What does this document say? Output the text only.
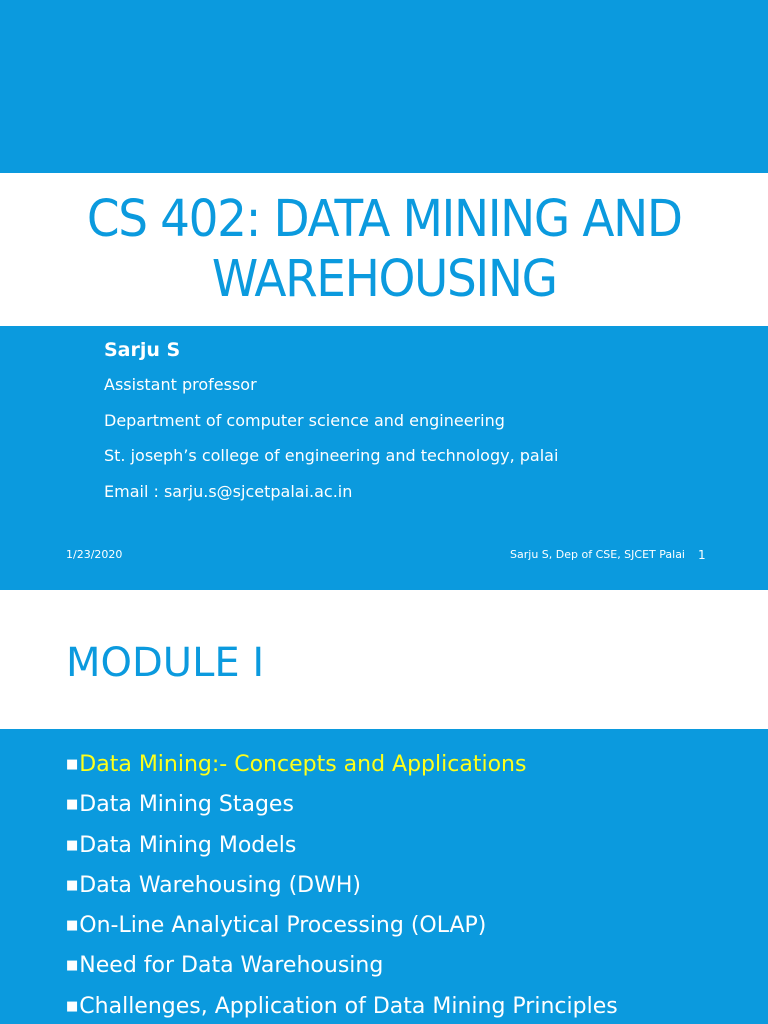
CS 402: DATA MINING AND
WAREHOUSING
Sarju S
Assistant professor
Department of computer science and engineering
St. joseph’s college of engineering and technology, palai
Email : sarju.s@sjcetpalai.ac.in
1/23/2020	Sarju S, Dep of CSE, SJCET Palai 1
MODULE I
■Data Mining:- Concepts and Applications
■Data Mining Stages
■Data Mining Models
■Data Warehousing (DWH)
■On-Line Analytical Processing (OLAP)
■Need for Data Warehousing
■Challenges, Application of Data Mining Principles
